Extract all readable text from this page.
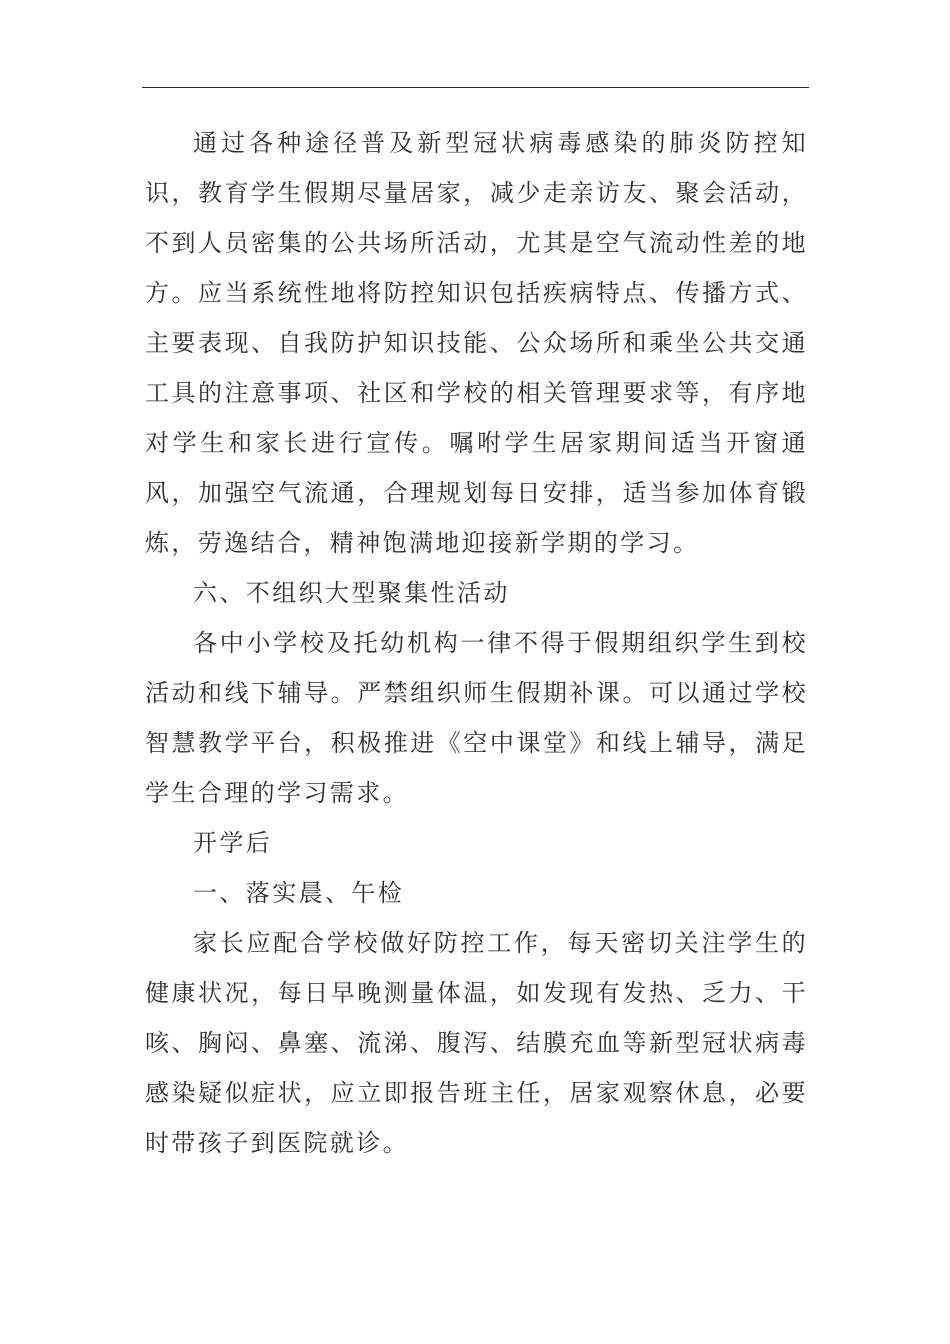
通过各种途径普及新型冠状病毒感染的肺炎防控知识，教育学生假期尽量居家，减少走亲访友、聚会活动，不到人员密集的公共场所活动，尤其是空气流动性差的地方。应当系统性地将防控知识包括疾病特点、传播方式、主要表现、自我防护知识技能、公众场所和乘坐公共交通工具的注意事项、社区和学校的相关管理要求等，有序地对学生和家长进行宣传。嘱咐学生居家期间适当开窗通风，加强空气流通，合理规划每日安排，适当参加体育锻炼，劳逸结合，精神饱满地迎接新学期的学习。

六、不组织大型聚集性活动

各中小学校及托幼机构一律不得于假期组织学生到校活动和线下辅导。严禁组织师生假期补课。可以通过学校智慧教学平台，积极推进《空中课堂》和线上辅导，满足学生合理的学习需求。

开学后

一、落实晨、午检

家长应配合学校做好防控工作，每天密切关注学生的健康状况，每日早晚测量体温，如发现有发热、乏力、干咳、胸闷、鼻塞、流涕、腹泻、结膜充血等新型冠状病毒感染疑似症状，应立即报告班主任，居家观察休息，必要时带孩子到医院就诊。
